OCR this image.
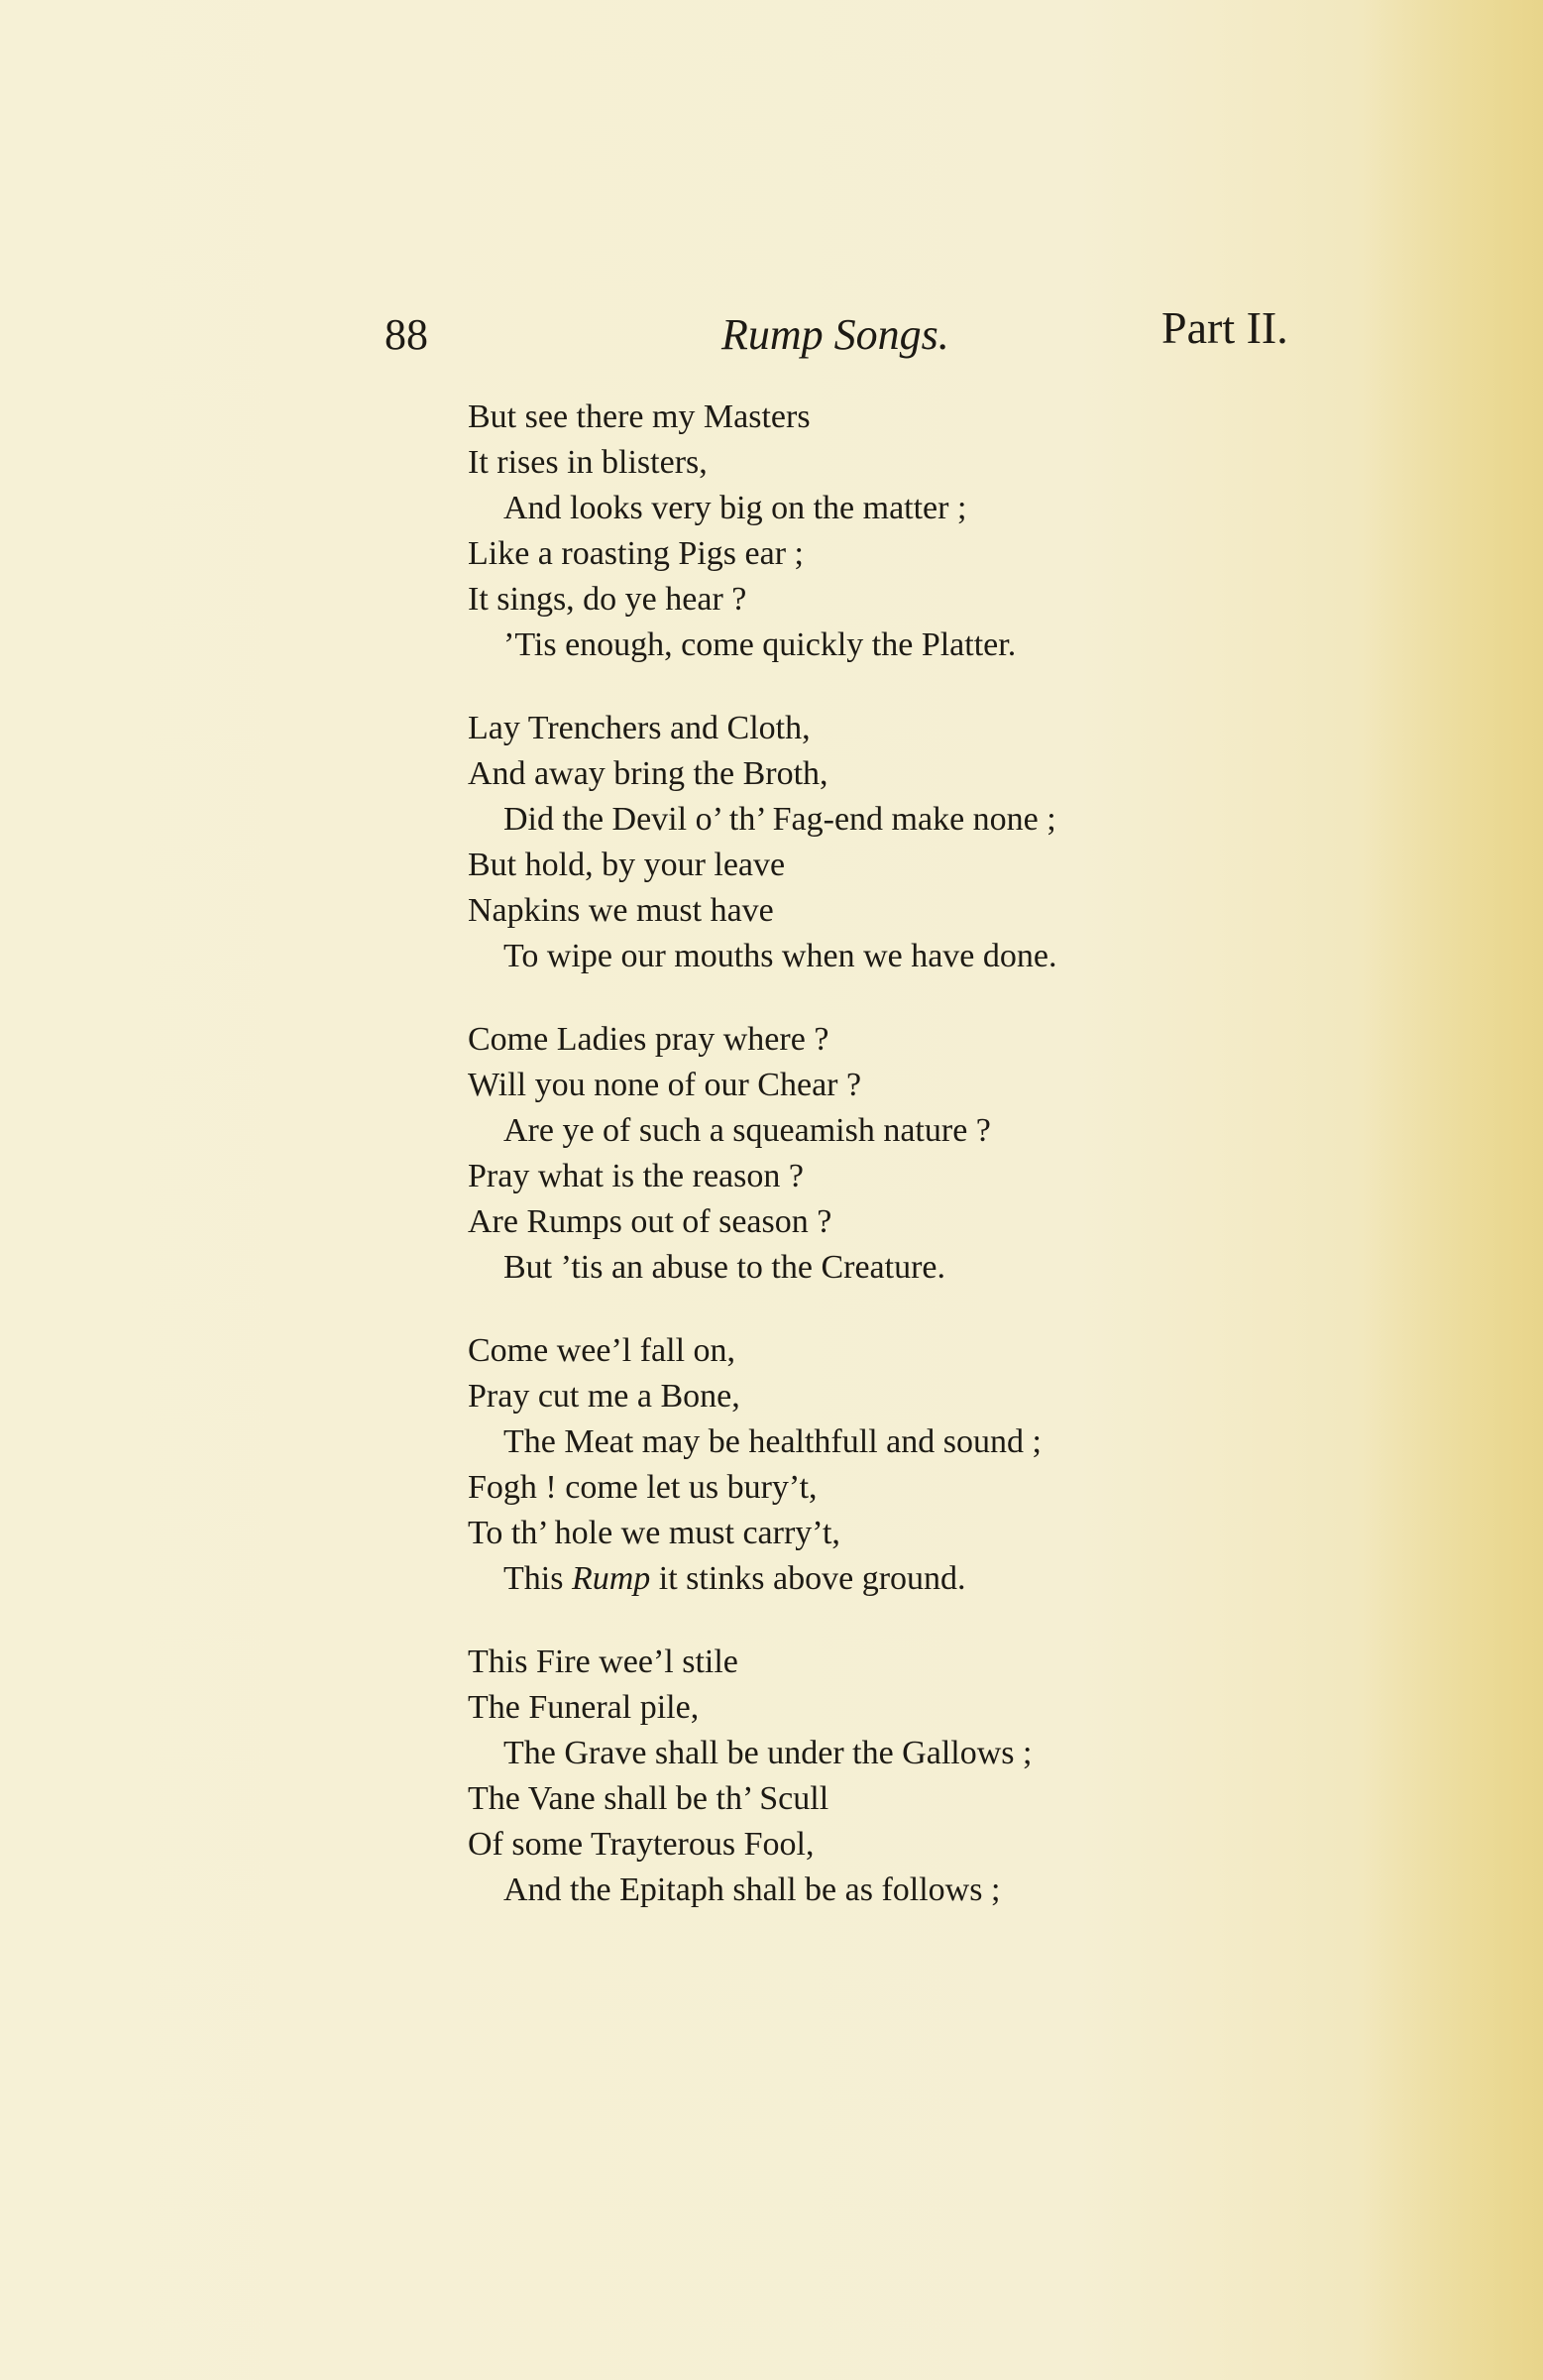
88	Rump Songs.	Part II.
But see there my Masters
It rises in blisters,
And looks very big on the matter ;
Like a roasting Pigs ear ;
It sings, do ye hear ?
’Tis enough, come quickly the Platter.
Lay Trenchers and Cloth,
And away bring the Broth,
Did the Devil o’ th’ Fag-end make none ;
But hold, by your leave
Napkins we must have
To wipe our mouths when we have done.
Come Ladies pray where ?
Will you none of our Chear ?
Are ye of such a squeamish nature ?
Pray what is the reason ?
Are Rumps out of season ?
But ’tis an abuse to the Creature.
Come wee’l fall on,
Pray cut me a Bone,
The Meat may be healthfull and sound ;
Fogh ! come let us bury’t,
To th’ hole we must carry’t,
This Rump it stinks above ground.
This Fire wee’l stile
The Funeral pile,
The Grave shall be under the Gallows ;
The Vane shall be th’ Scull
Of some Trayterous Fool,
And the Epitaph shall be as follows ;
